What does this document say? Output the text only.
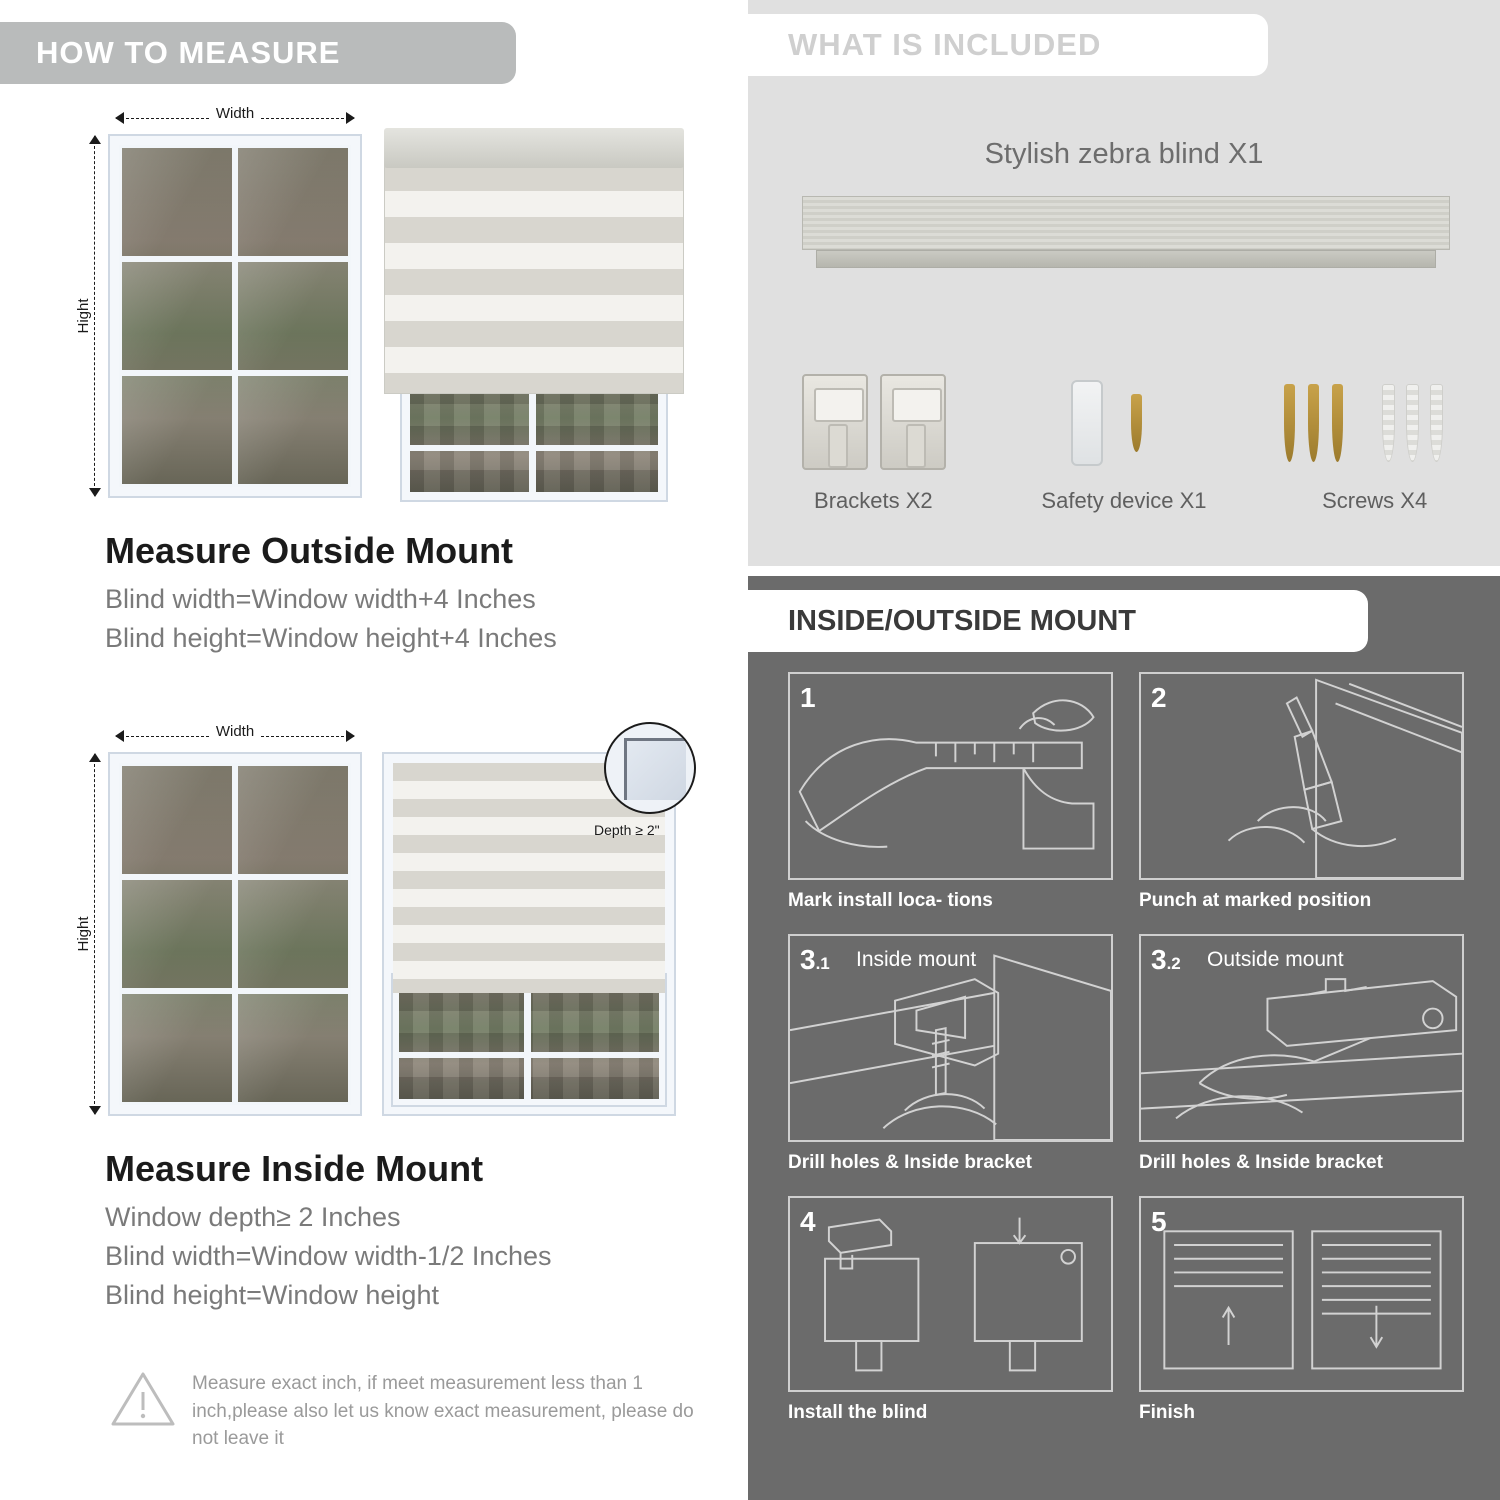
HOW TO MEASURE
Width
Hight
Measure Outside Mount
Blind width=Window width+4 Inches
Blind height=Window height+4 Inches
Width
Hight
Depth ≥ 2"
Measure Inside Mount
Window depth≥ 2 Inches
Blind width=Window width-1/2 Inches
Blind height=Window height
Measure exact inch, if meet measurement less than 1 inch,please also let us know exact measurement, please do not leave it
WHAT IS INCLUDED
Stylish zebra blind X1
Brackets X2	Safety device X1	Screws X4
INSIDE/OUTSIDE MOUNT
1
Mark install loca- tions
2
Punch at marked position
3.1 Inside mount
Drill holes & Inside bracket
3.2 Outside mount
Drill holes & Inside bracket
4
Install the blind
5
Finish
